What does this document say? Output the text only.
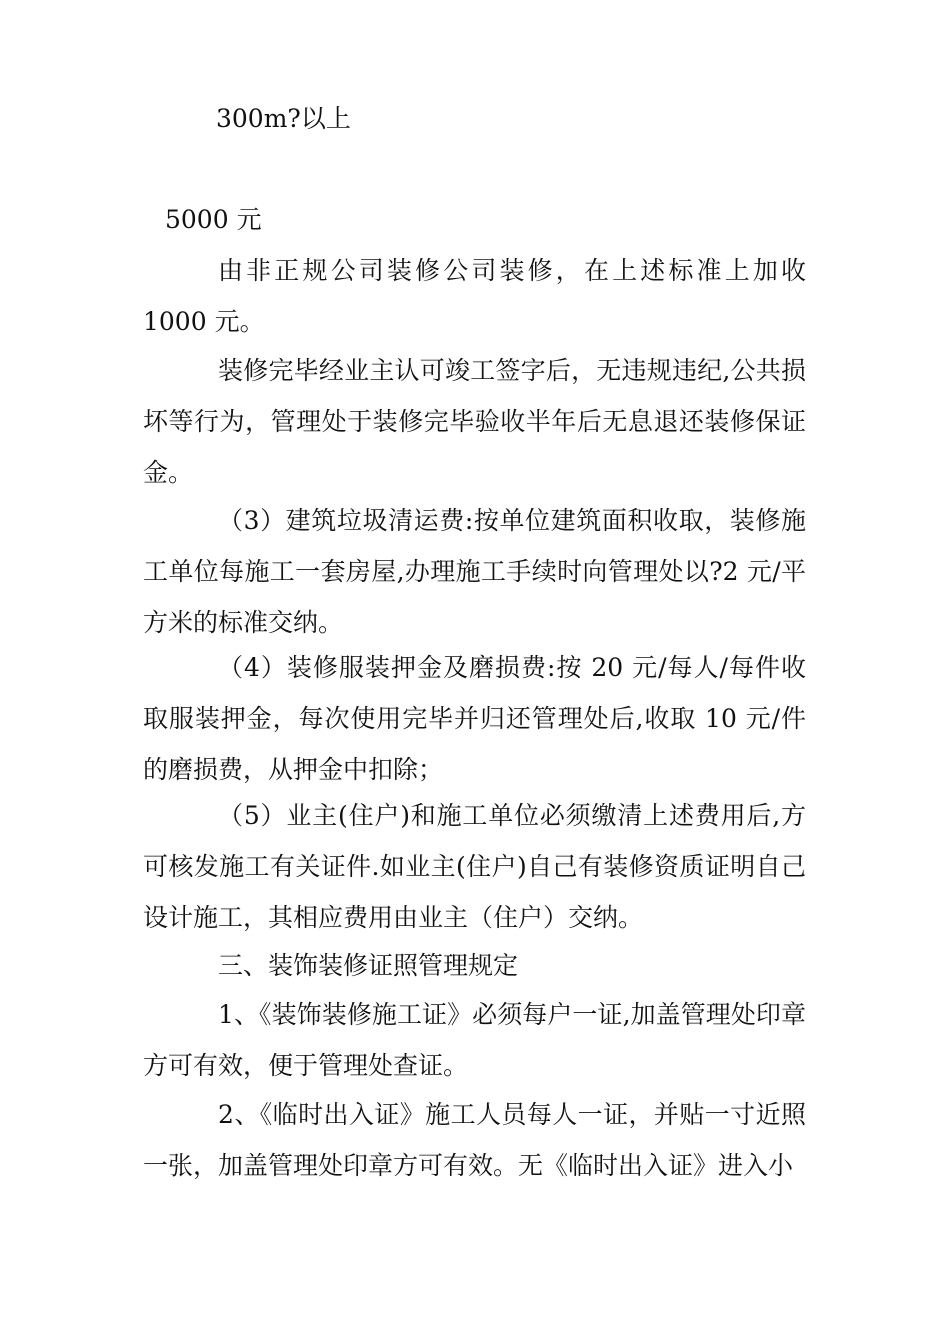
300m?以上

5000 元

由非正规公司装修公司装修，在上述标准上加收 1000 元。

装修完毕经业主认可竣工签字后，无违规违纪,公共损坏等行为，管理处于装修完毕验收半年后无息退还装修保证金。

（3）建筑垃圾清运费:按单位建筑面积收取，装修施工单位每施工一套房屋,办理施工手续时向管理处以?2 元/平方米的标准交纳。

（4）装修服装押金及磨损费:按 20 元/每人/每件收取服装押金，每次使用完毕并归还管理处后,收取 10 元/件的磨损费，从押金中扣除；

（5）业主(住户)和施工单位必须缴清上述费用后,方可核发施工有关证件.如业主(住户)自己有装修资质证明自己设计施工，其相应费用由业主（住户）交纳。

三、装饰装修证照管理规定

1、《装饰装修施工证》必须每户一证,加盖管理处印章方可有效，便于管理处查证。

2、《临时出入证》施工人员每人一证，并贴一寸近照一张，加盖管理处印章方可有效。无《临时出入证》进入小
